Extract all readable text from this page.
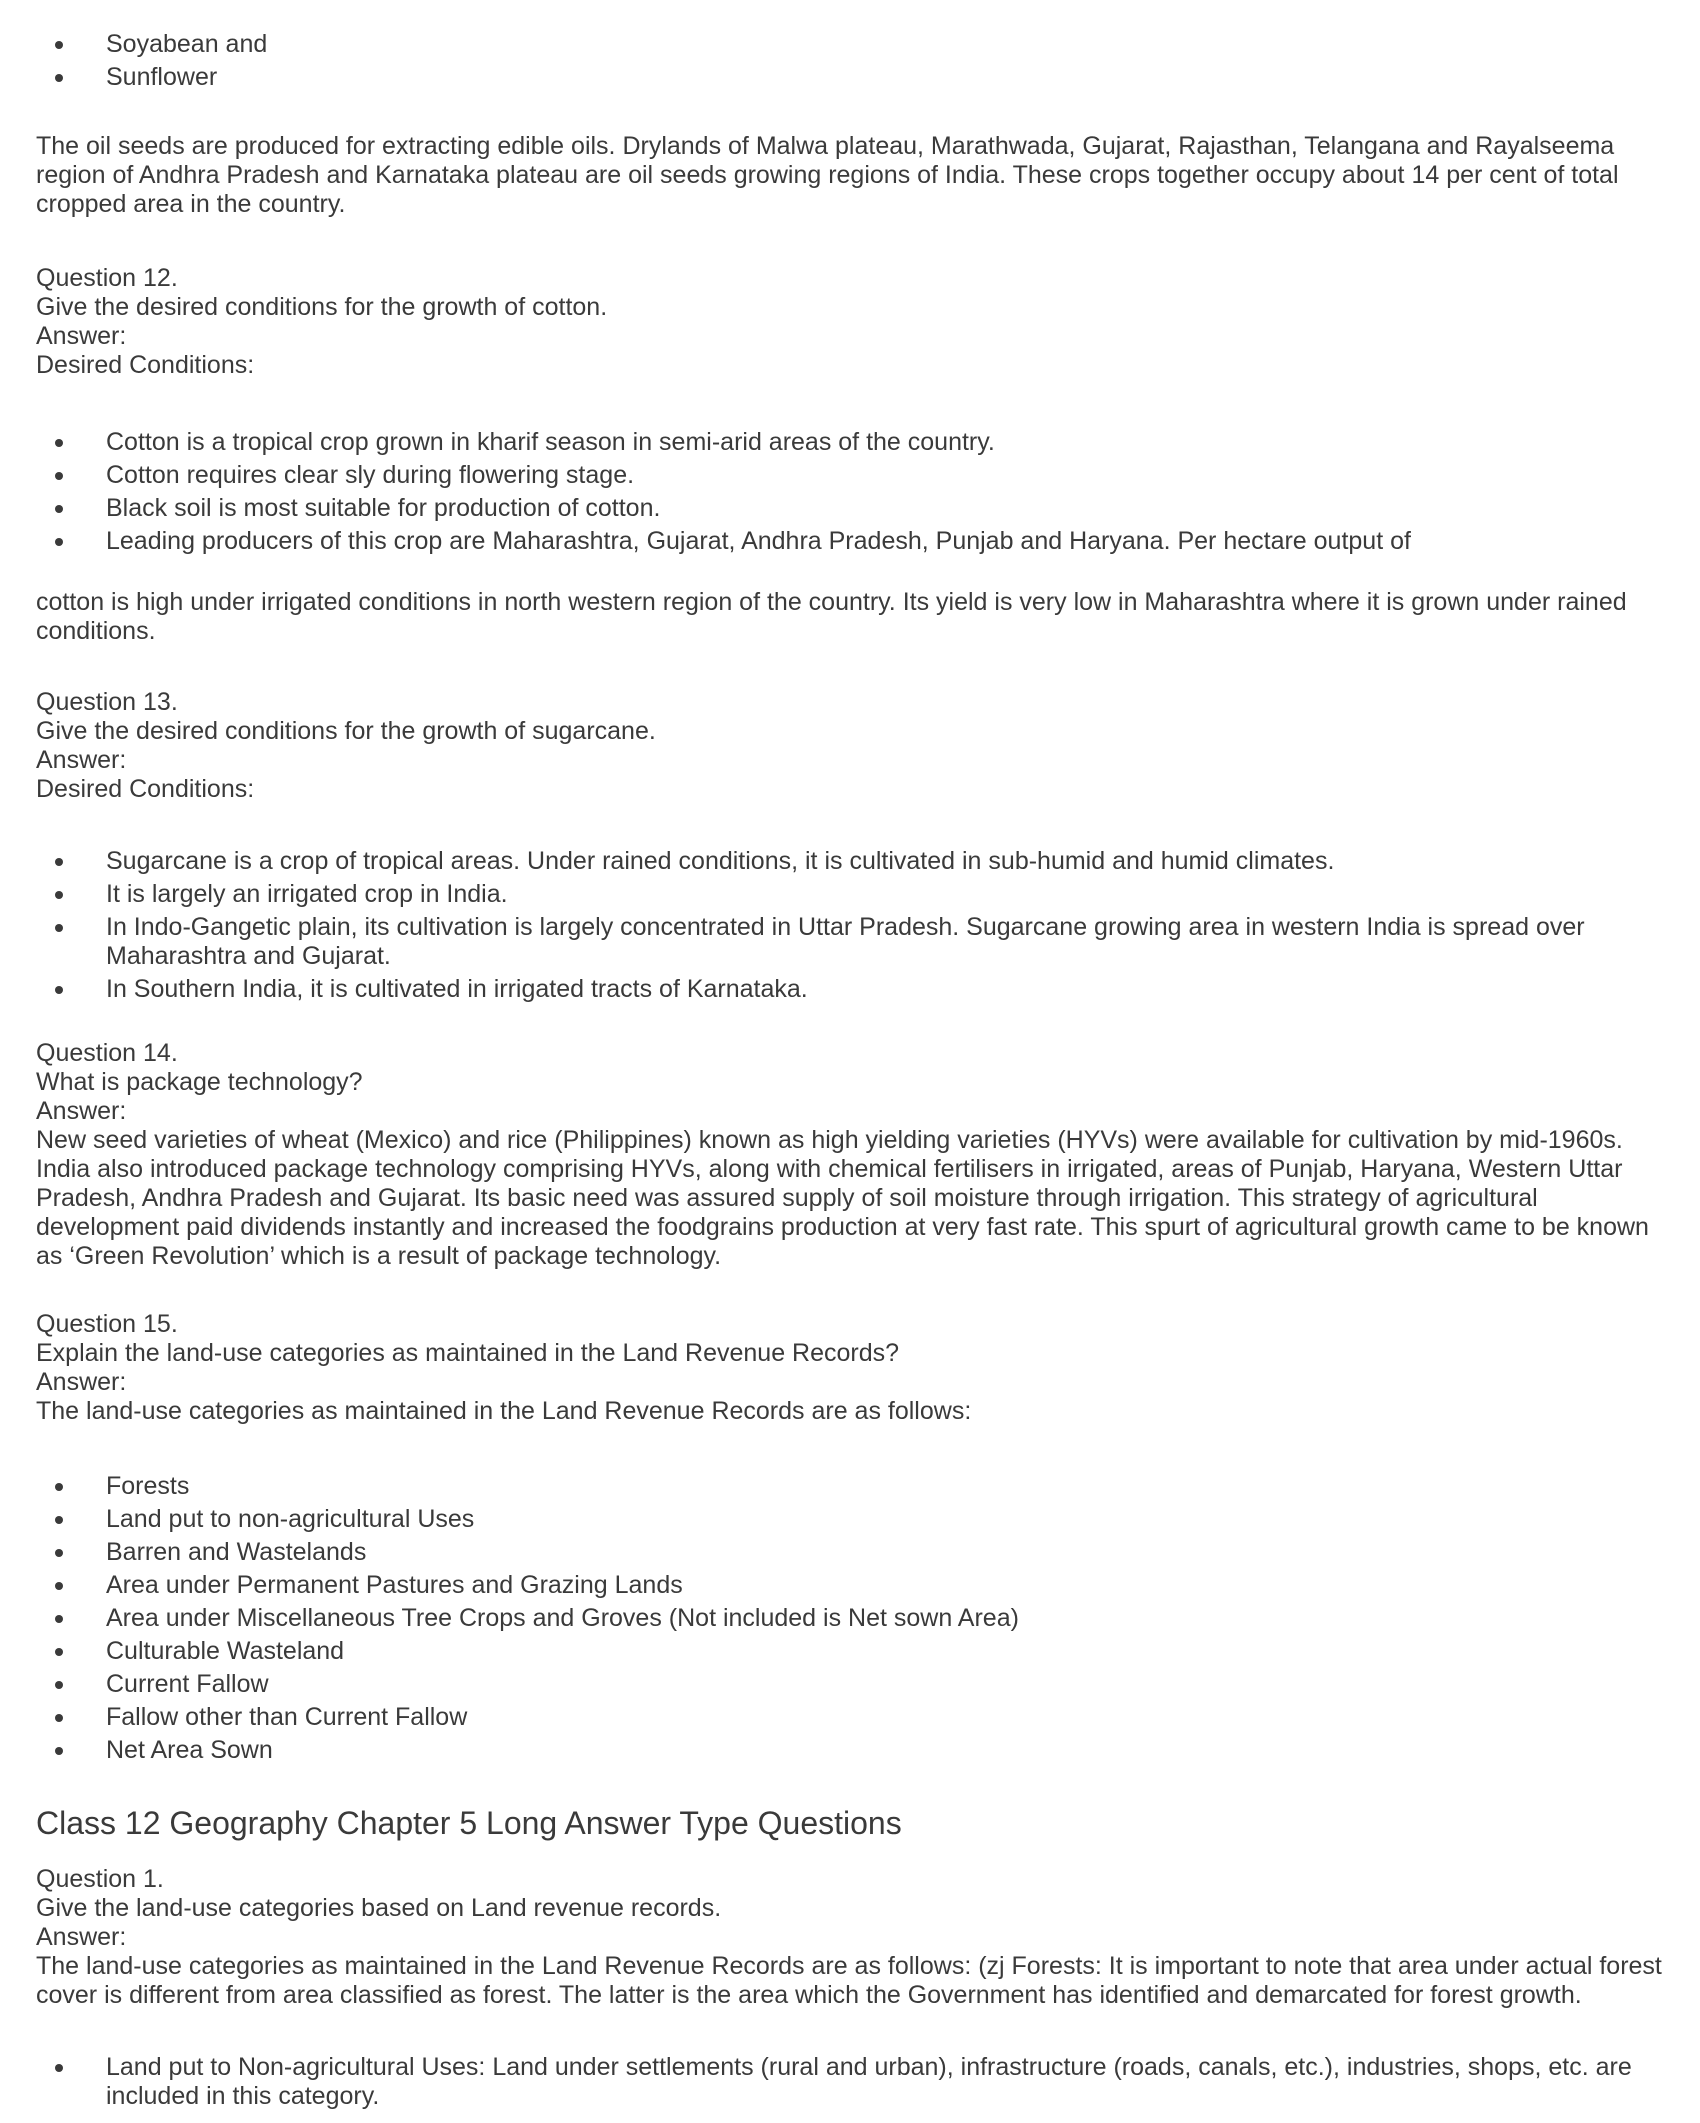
Soyabean and
Sunflower

The oil seeds are produced for extracting edible oils. Drylands of Malwa plateau, Marathwada, Gujarat, Rajasthan, Telangana and Rayalseema region of Andhra Pradesh and Karnataka plateau are oil seeds growing regions of India. These crops together occupy about 14 per cent of total cropped area in the country.

Question 12.
Give the desired conditions for the growth of cotton.
Answer:
Desired Conditions:
Cotton is a tropical crop grown in kharif season in semi-arid areas of the country.
Cotton requires clear sly during flowering stage.
Black soil is most suitable for production of cotton.
Leading producers of this crop are Maharashtra, Gujarat, Andhra Pradesh, Punjab and Haryana. Per hectare output of

cotton is high under irrigated conditions in north western region of the country. Its yield is very low in Maharashtra where it is grown under rained conditions.

Question 13.
Give the desired conditions for the growth of sugarcane.
Answer:
Desired Conditions:
Sugarcane is a crop of tropical areas. Under rained conditions, it is cultivated in sub-humid and humid climates.
It is largely an irrigated crop in India.
In Indo-Gangetic plain, its cultivation is largely concentrated in Uttar Pradesh. Sugarcane growing area in western India is spread over Maharashtra and Gujarat.
In Southern India, it is cultivated in irrigated tracts of Karnataka.
Question 14.
What is package technology?
Answer:
New seed varieties of wheat (Mexico) and rice (Philippines) known as high yielding varieties (HYVs) were available for cultivation by mid-1960s. India also introduced package technology comprising HYVs, along with chemical fertilisers in irrigated, areas of Punjab, Haryana, Western Uttar Pradesh, Andhra Pradesh and Gujarat. Its basic need was assured supply of soil moisture through irrigation. This strategy of agricultural development paid dividends instantly and increased the foodgrains production at very fast rate. This spurt of agricultural growth came to be known as ‘Green Revolution’ which is a result of package technology.
Question 15.
Explain the land-use categories as maintained in the Land Revenue Records?
Answer:
The land-use categories as maintained in the Land Revenue Records are as follows:
Forests
Land put to non-agricultural Uses
Barren and Wastelands
Area under Permanent Pastures and Grazing Lands
Area under Miscellaneous Tree Crops and Groves (Not included is Net sown Area)
Culturable Wasteland
Current Fallow
Fallow other than Current Fallow
Net Area Sown
Class 12 Geography Chapter 5 Long Answer Type Questions
Question 1.
Give the land-use categories based on Land revenue records.
Answer:
The land-use categories as maintained in the Land Revenue Records are as follows: (zj Forests: It is important to note that area under actual forest cover is different from area classified as forest. The latter is the area which the Government has identified and demarcated for forest growth.
Land put to Non-agricultural Uses: Land under settlements (rural and urban), infrastructure (roads, canals, etc.), industries, shops, etc. are included in this category.
